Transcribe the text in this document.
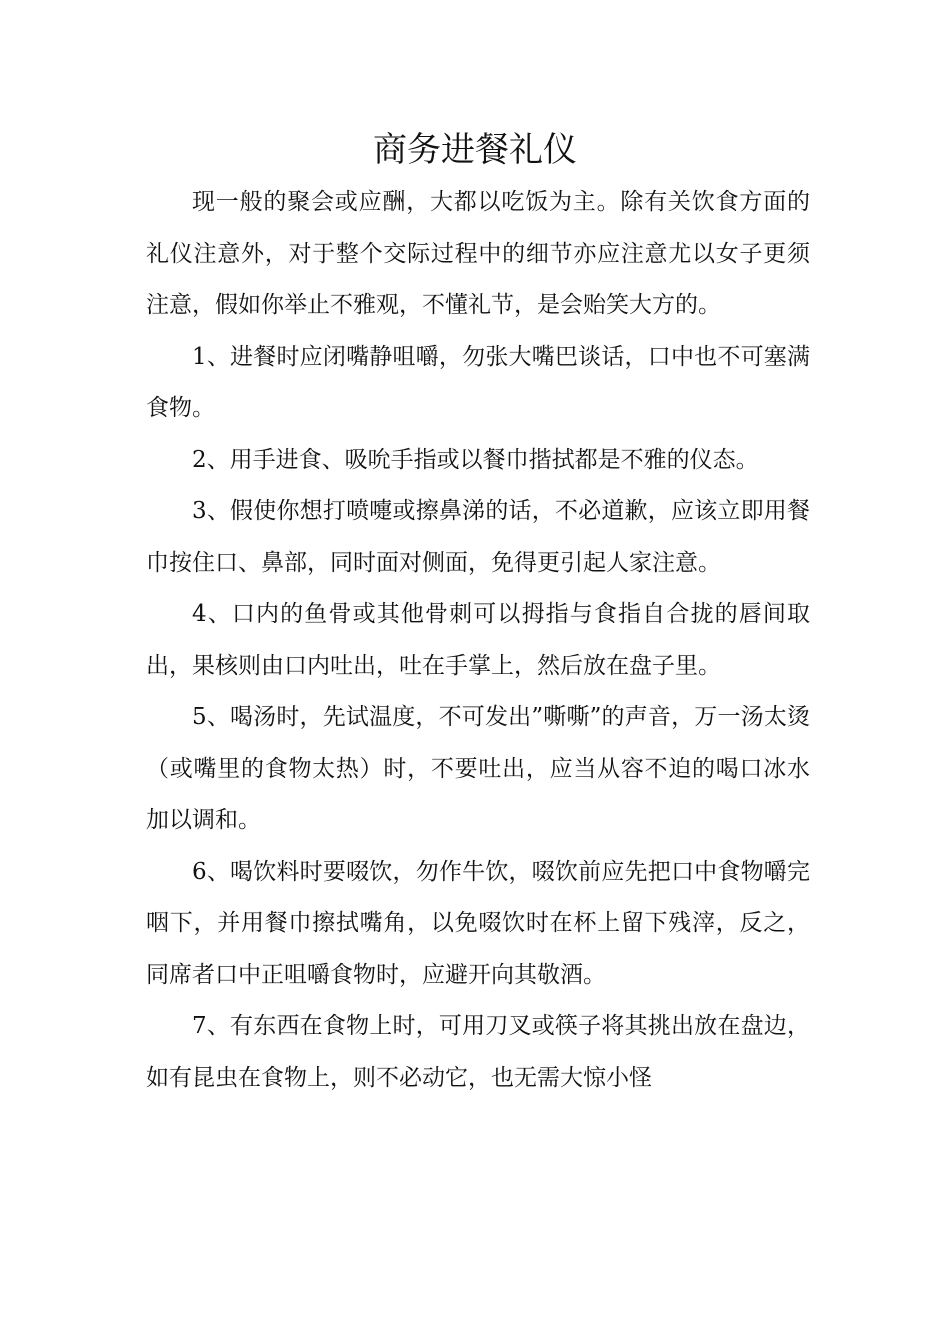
商务进餐礼仪

现一般的聚会或应酬，大都以吃饭为主。除有关饮食方面的礼仪注意外，对于整个交际过程中的细节亦应注意尤以女子更须注意，假如你举止不雅观，不懂礼节，是会贻笑大方的。

1、进餐时应闭嘴静咀嚼，勿张大嘴巴谈话，口中也不可塞满食物。

2、用手进食、吸吮手指或以餐巾揩拭都是不雅的仪态。

3、假使你想打喷嚏或擦鼻涕的话，不必道歉，应该立即用餐巾按住口、鼻部，同时面对侧面，免得更引起人家注意。

4、口内的鱼骨或其他骨刺可以拇指与食指自合拢的唇间取出，果核则由口内吐出，吐在手掌上，然后放在盘子里。

5、喝汤时，先试温度，不可发出”嘶嘶”的声音，万一汤太烫（或嘴里的食物太热）时，不要吐出，应当从容不迫的喝口冰水加以调和。

6、喝饮料时要啜饮，勿作牛饮，啜饮前应先把口中食物嚼完咽下，并用餐巾擦拭嘴角，以免啜饮时在杯上留下残滓，反之，同席者口中正咀嚼食物时，应避开向其敬酒。

7、有东西在食物上时，可用刀叉或筷子将其挑出放在盘边，如有昆虫在食物上，则不必动它，也无需大惊小怪
